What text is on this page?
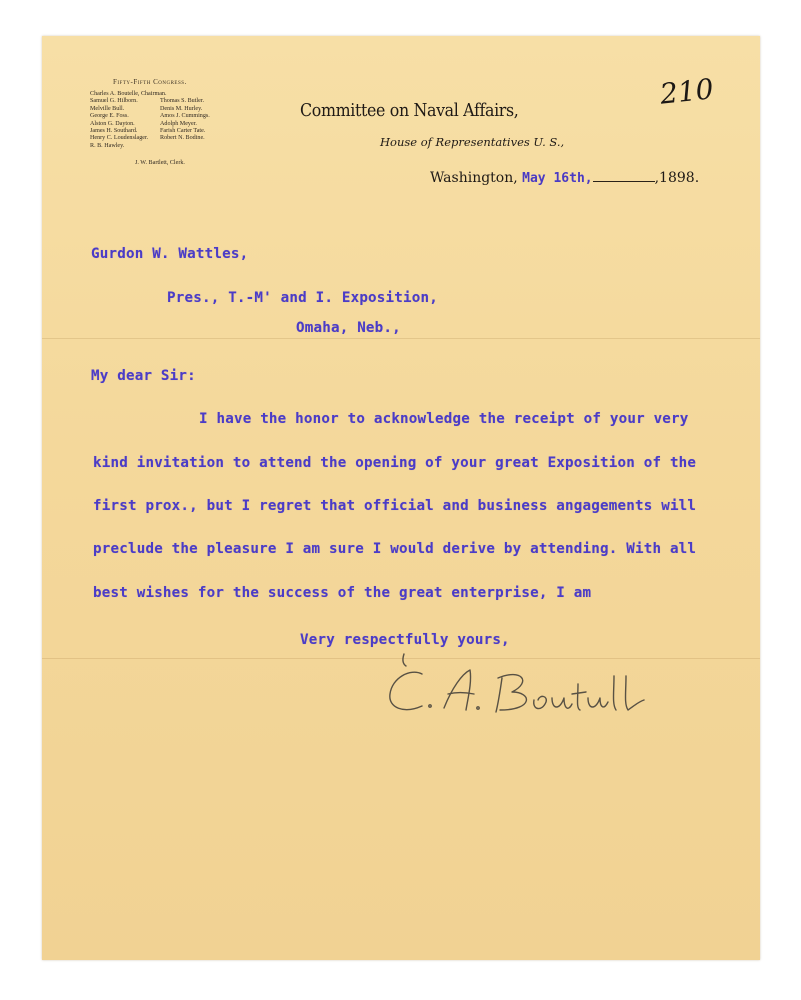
Fifty-Fifth Congress.
Charles A. Boutelle, Chairman.
Samuel G. Hilborn.	Thomas S. Butler.
Melville Bull.	Denis M. Hurley.
George E. Foss.	Amos J. Cummings.
Alston G. Dayton.	Adolph Meyer.
James H. Southard.	Farish Carter Tate.
Henry C. Loudenslager.	Robert N. Bodine.
R. B. Hawley.
J. W. Bartlett, Clerk.
Committee on Naval Affairs,
House of Representatives U. S.,
Washington, May 16th,	,1898.
210
Gurdon W. Wattles,
Pres., T.-M' and I. Exposition,
Omaha, Neb.,
My dear Sir:
I have the honor to acknowledge the receipt of your very
kind invitation to attend the opening of your great Exposition of the
first prox., but I regret that official and business angagements will
preclude the pleasure I am sure I would derive by attending. With all
best wishes for the success of the great enterprise, I am
Very respectfully yours,
